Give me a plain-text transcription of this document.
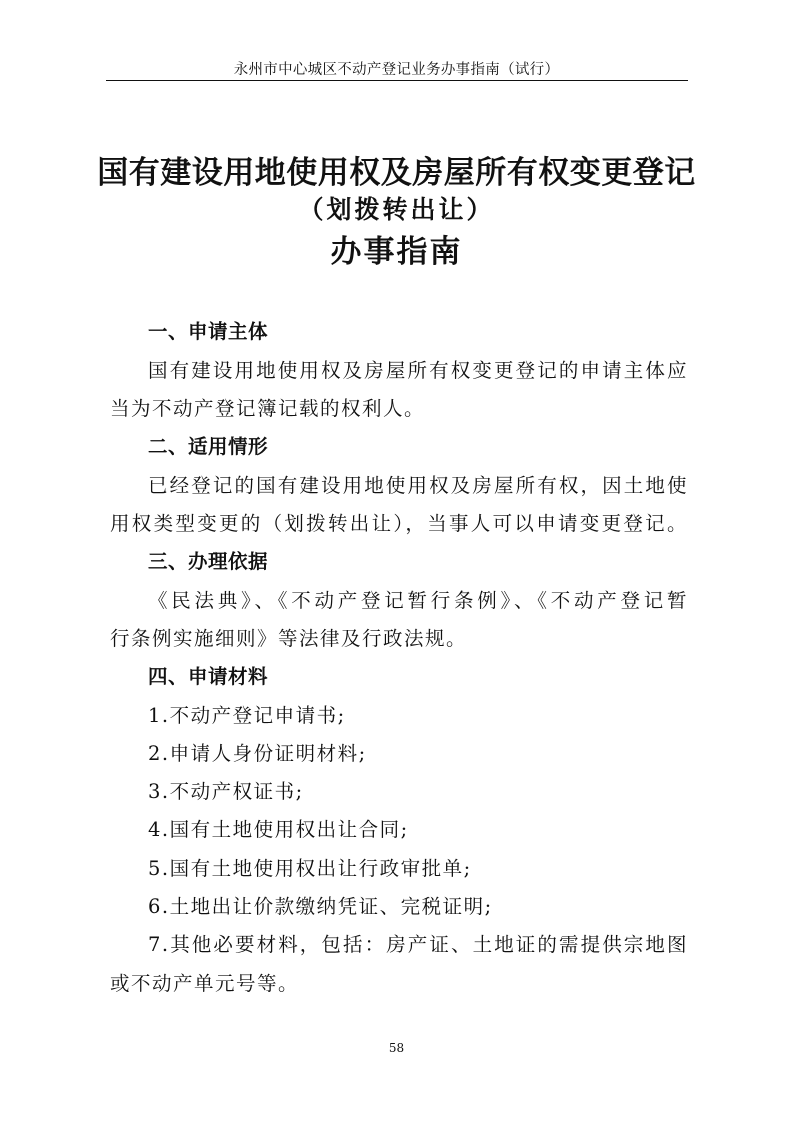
永州市中心城区不动产登记业务办事指南（试行）
国有建设用地使用权及房屋所有权变更登记
（划拨转出让）
办事指南
一、申请主体
国有建设用地使用权及房屋所有权变更登记的申请主体应
当为不动产登记簿记载的权利人。
二、适用情形
已经登记的国有建设用地使用权及房屋所有权，因土地使
用权类型变更的（划拨转出让），当事人可以申请变更登记。
三、办理依据
《民法典》、《不动产登记暂行条例》、《不动产登记暂
行条例实施细则》等法律及行政法规。
四、申请材料
1.不动产登记申请书;
2.申请人身份证明材料;
3.不动产权证书;
4.国有土地使用权出让合同;
5.国有土地使用权出让行政审批单;
6.土地出让价款缴纳凭证、完税证明;
7.其他必要材料，包括：房产证、土地证的需提供宗地图
或不动产单元号等。
58
